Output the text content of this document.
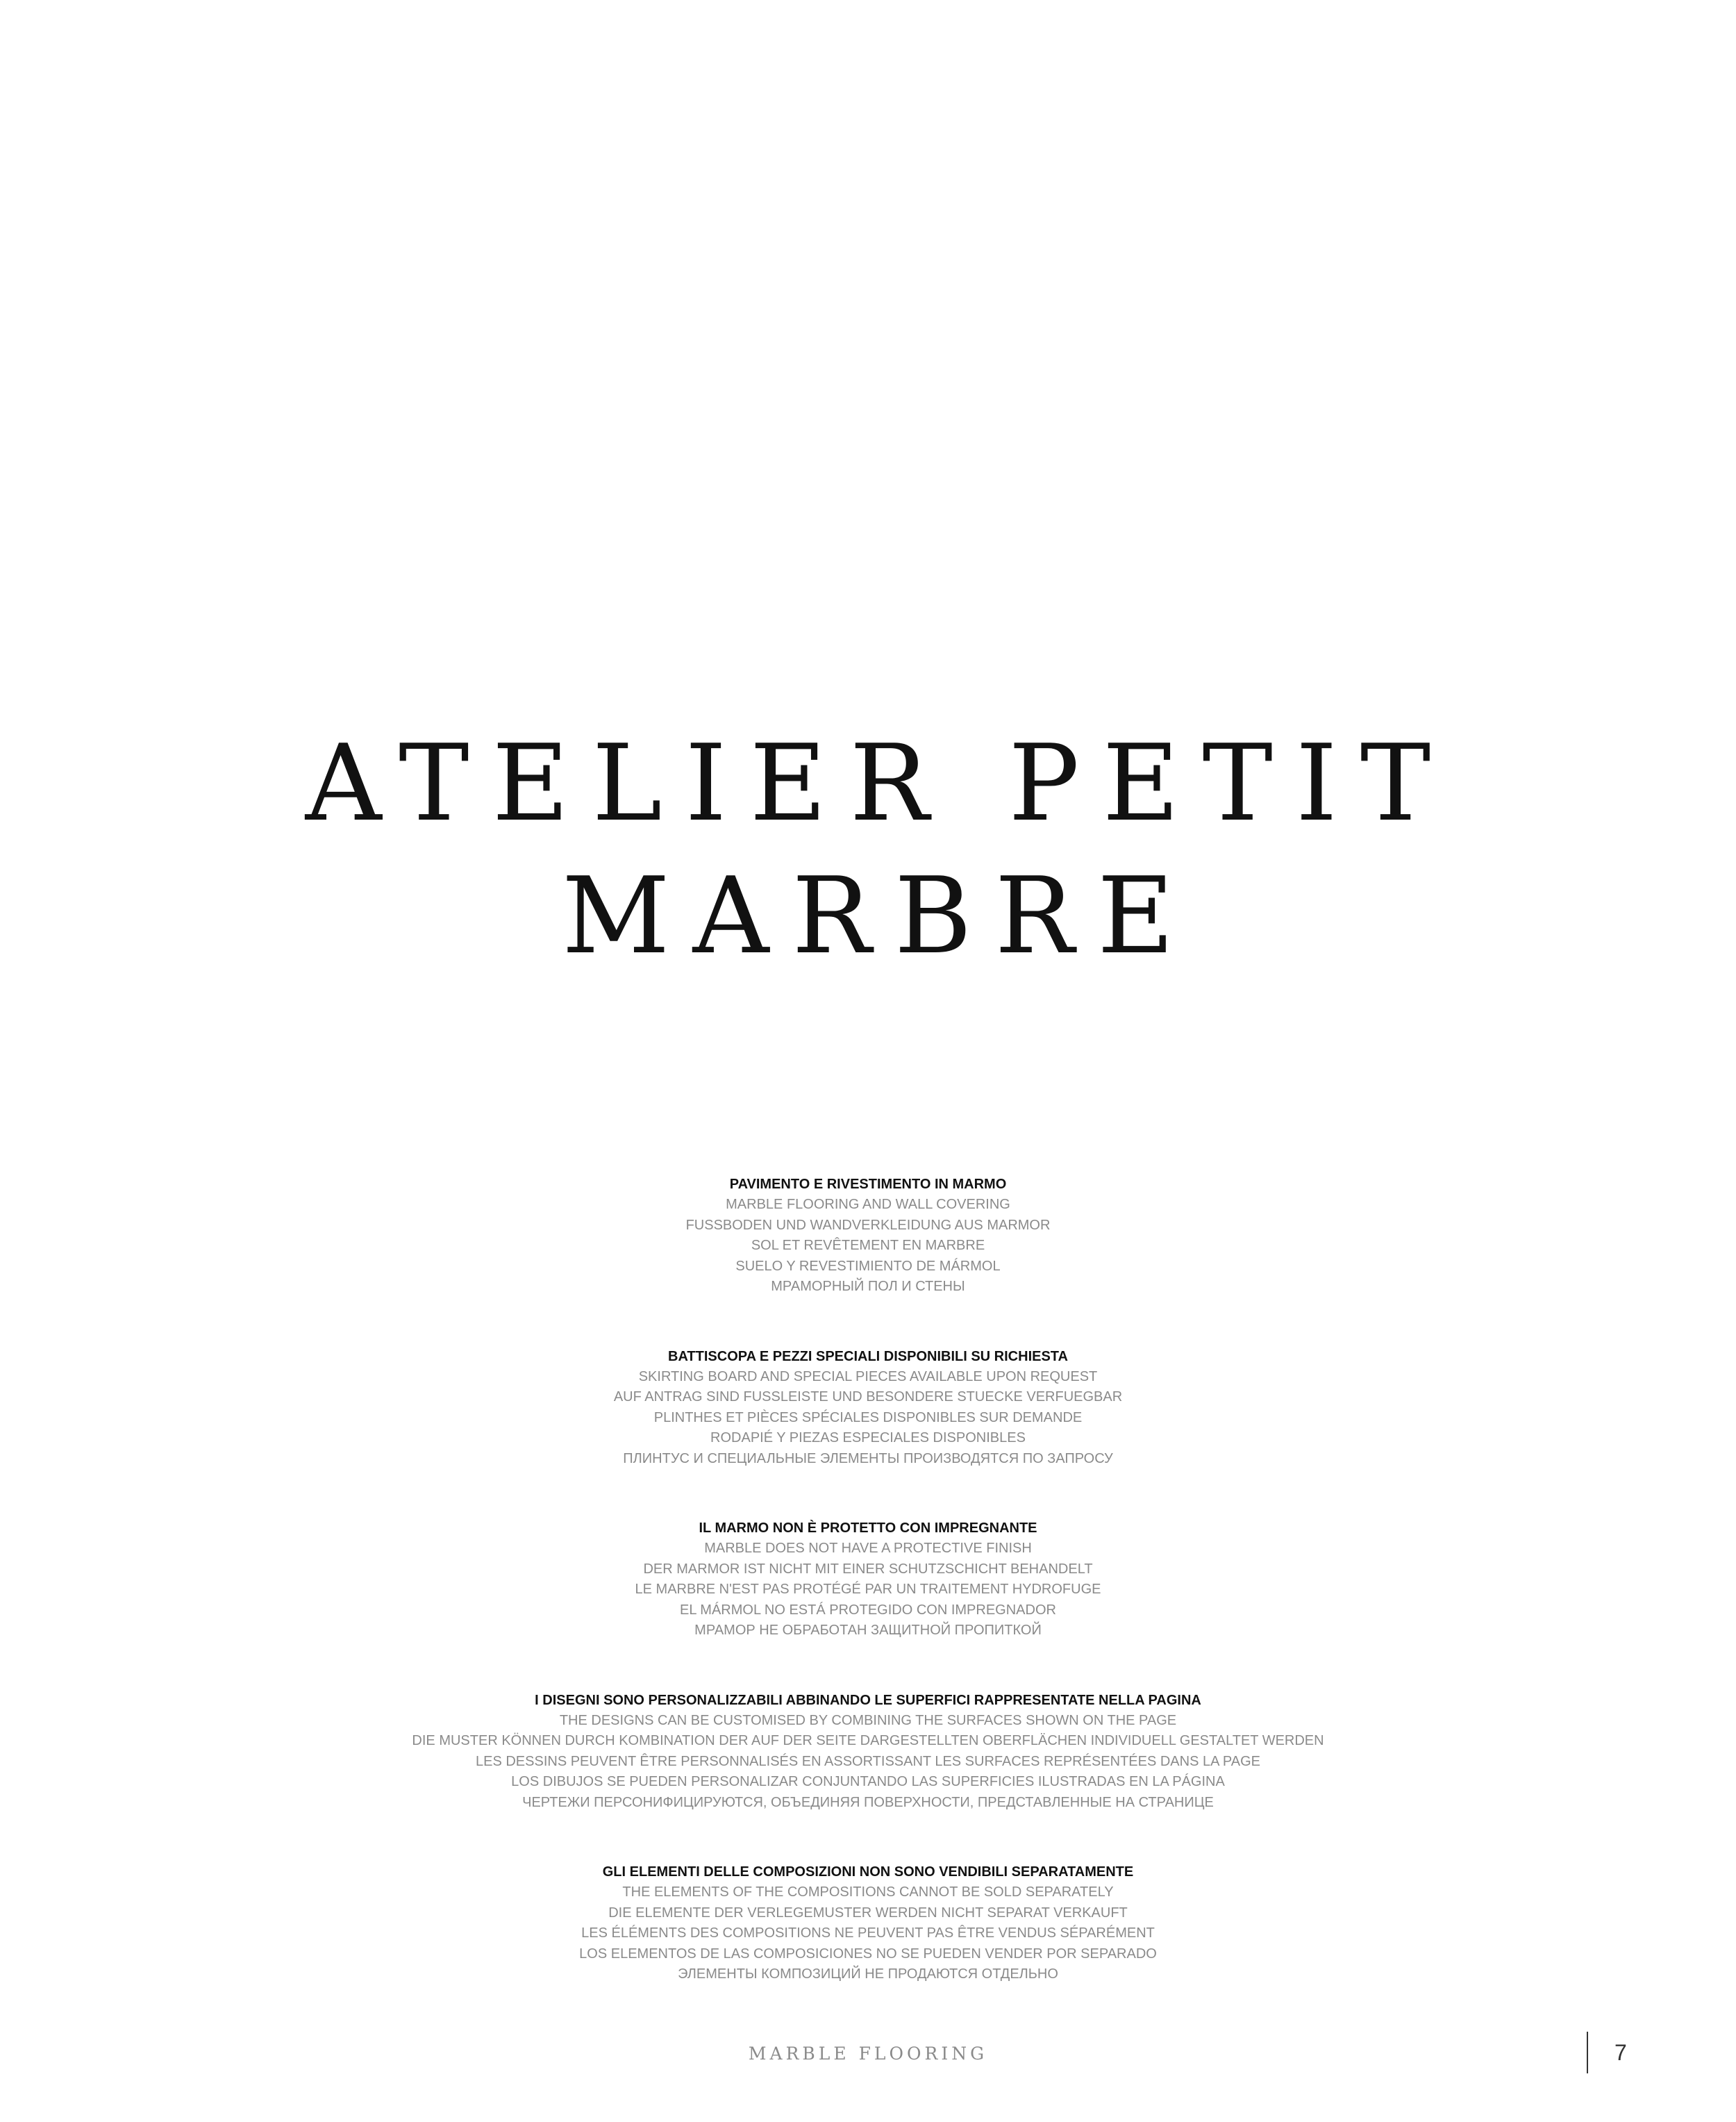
ATELIER PETIT
MARBRE

PAVIMENTO E RIVESTIMENTO IN MARMO

MARBLE FLOORING AND WALL COVERING

FUSSBODEN UND WANDVERKLEIDUNG AUS MARMOR

SOL ET REVÊTEMENT EN MARBRE

SUELO Y REVESTIMIENTO DE MÁRMOL

МРАМОРНЫЙ ПОЛ И СТЕНЫ

BATTISCOPA E PEZZI SPECIALI DISPONIBILI SU RICHIESTA

SKIRTING BOARD AND SPECIAL PIECES AVAILABLE UPON REQUEST

AUF ANTRAG SIND FUSSLEISTE UND BESONDERE STUECKE VERFUEGBAR

PLINTHES ET PIÈCES SPÉCIALES DISPONIBLES SUR DEMANDE

RODAPIÉ Y PIEZAS ESPECIALES DISPONIBLES

ПЛИНТУС И СПЕЦИАЛЬНЫЕ ЭЛЕМЕНТЫ ПРОИЗВОДЯТСЯ ПО ЗАПРОСУ

IL MARMO NON È PROTETTO CON IMPREGNANTE

MARBLE DOES NOT HAVE A PROTECTIVE FINISH

DER MARMOR IST NICHT MIT EINER SCHUTZSCHICHT BEHANDELT

LE MARBRE N'EST PAS PROTÉGÉ PAR UN TRAITEMENT HYDROFUGE

EL MÁRMOL NO ESTÁ PROTEGIDO CON IMPREGNADOR

МРАМОР НЕ ОБРАБОТАН ЗАЩИТНОЙ ПРОПИТКОЙ

I DISEGNI SONO PERSONALIZZABILI ABBINANDO LE SUPERFICI RAPPRESENTATE NELLA PAGINA

THE DESIGNS CAN BE CUSTOMISED BY COMBINING THE SURFACES SHOWN ON THE PAGE

DIE MUSTER KÖNNEN DURCH KOMBINATION DER AUF DER SEITE DARGESTELLTEN OBERFLÄCHEN INDIVIDUELL GESTALTET WERDEN

LES DESSINS PEUVENT ÊTRE PERSONNALISÉS EN ASSORTISSANT LES SURFACES REPRÉSENTÉES DANS LA PAGE

LOS DIBUJOS SE PUEDEN PERSONALIZAR CONJUNTANDO LAS SUPERFICIES ILUSTRADAS EN LA PÁGINA

ЧЕРТЕЖИ ПЕРСОНИФИЦИРУЮТСЯ, ОБЪЕДИНЯЯ ПОВЕРХНОСТИ, ПРЕДСТАВЛЕННЫЕ НА СТРАНИЦЕ

GLI ELEMENTI DELLE COMPOSIZIONI NON SONO VENDIBILI SEPARATAMENTE

THE ELEMENTS OF THE COMPOSITIONS CANNOT BE SOLD SEPARATELY

DIE ELEMENTE DER VERLEGEMUSTER WERDEN NICHT SEPARAT VERKAUFT

LES ÉLÉMENTS DES COMPOSITIONS NE PEUVENT PAS ÊTRE VENDUS SÉPARÉMENT

LOS ELEMENTOS DE LAS COMPOSICIONES NO SE PUEDEN VENDER POR SEPARADO

ЭЛЕМЕНТЫ КОМПОЗИЦИЙ НЕ ПРОДАЮТСЯ ОТДЕЛЬНО

MARBLE FLOORING	7
